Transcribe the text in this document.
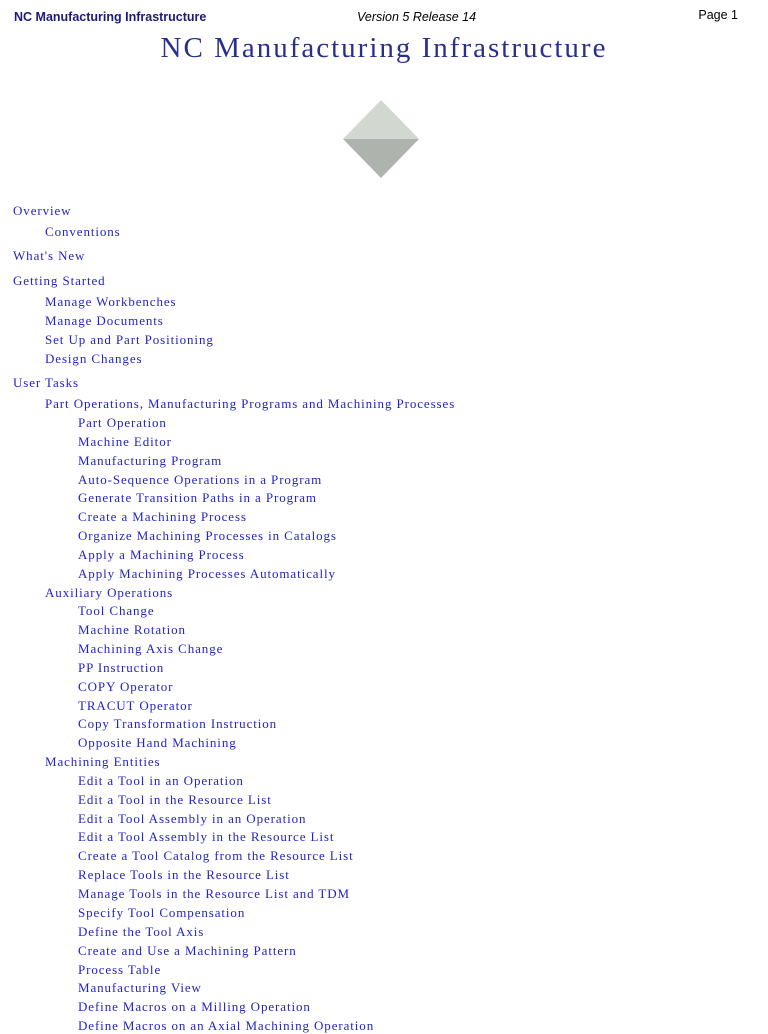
NC Manufacturing Infrastructure	Version 5 Release 14	Page 1
NC Manufacturing Infrastructure
Overview
Conventions
What's New
Getting Started
Manage Workbenches
Manage Documents
Set Up and Part Positioning
Design Changes
User Tasks
Part Operations, Manufacturing Programs and Machining Processes
Part Operation
Machine Editor
Manufacturing Program
Auto-Sequence Operations in a Program
Generate Transition Paths in a Program
Create a Machining Process
Organize Machining Processes in Catalogs
Apply a Machining Process
Apply Machining Processes Automatically
Auxiliary Operations
Tool Change
Machine Rotation
Machining Axis Change
PP Instruction
COPY Operator
TRACUT Operator
Copy Transformation Instruction
Opposite Hand Machining
Machining Entities
Edit a Tool in an Operation
Edit a Tool in the Resource List
Edit a Tool Assembly in an Operation
Edit a Tool Assembly in the Resource List
Create a Tool Catalog from the Resource List
Replace Tools in the Resource List
Manage Tools in the Resource List and TDM
Specify Tool Compensation
Define the Tool Axis
Create and Use a Machining Pattern
Process Table
Manufacturing View
Define Macros on a Milling Operation
Define Macros on an Axial Machining Operation
